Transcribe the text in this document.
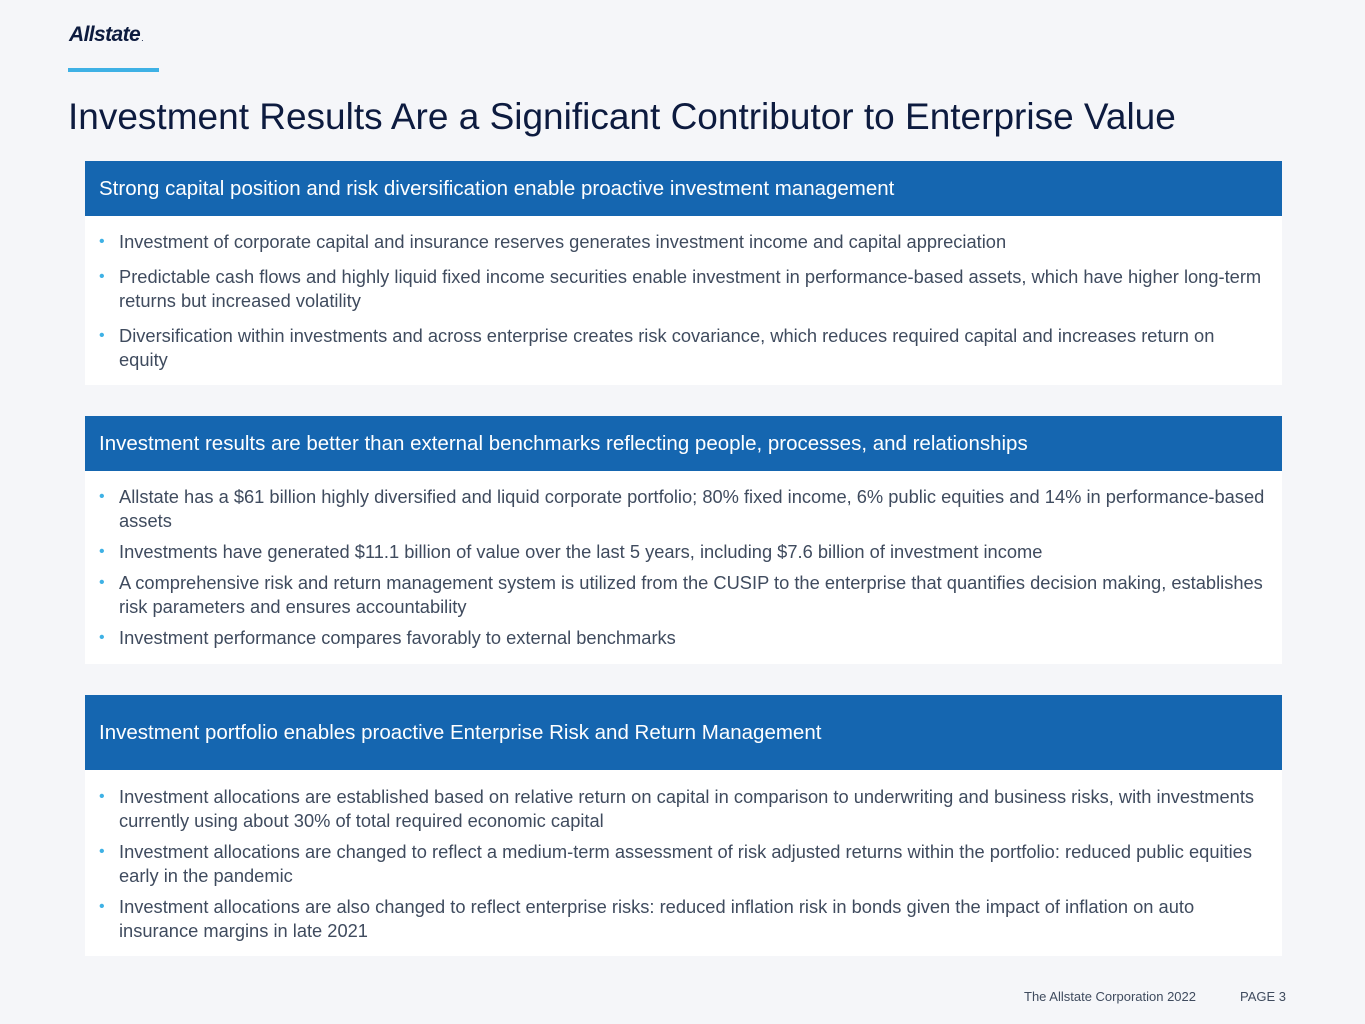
Allstate.
Investment Results Are a Significant Contributor to Enterprise Value
Strong capital position and risk diversification enable proactive investment management
• Investment of corporate capital and insurance reserves generates investment income and capital appreciation
• Predictable cash flows and highly liquid fixed income securities enable investment in performance-based assets, which have higher long-term returns but increased volatility
• Diversification within investments and across enterprise creates risk covariance, which reduces required capital and increases return on equity
Investment results are better than external benchmarks reflecting people, processes, and relationships
• Allstate has a $61 billion highly diversified and liquid corporate portfolio; 80% fixed income, 6% public equities and 14% in performance-based assets
• Investments have generated $11.1 billion of value over the last 5 years, including $7.6 billion of investment income
• A comprehensive risk and return management system is utilized from the CUSIP to the enterprise that quantifies decision making, establishes risk parameters and ensures accountability
• Investment performance compares favorably to external benchmarks
Investment portfolio enables proactive Enterprise Risk and Return Management
• Investment allocations are established based on relative return on capital in comparison to underwriting and business risks, with investments currently using about 30% of total required economic capital
• Investment allocations are changed to reflect a medium-term assessment of risk adjusted returns within the portfolio: reduced public equities early in the pandemic
• Investment allocations are also changed to reflect enterprise risks: reduced inflation risk in bonds given the impact of inflation on auto insurance margins in late 2021
The Allstate Corporation 2022	PAGE 3
